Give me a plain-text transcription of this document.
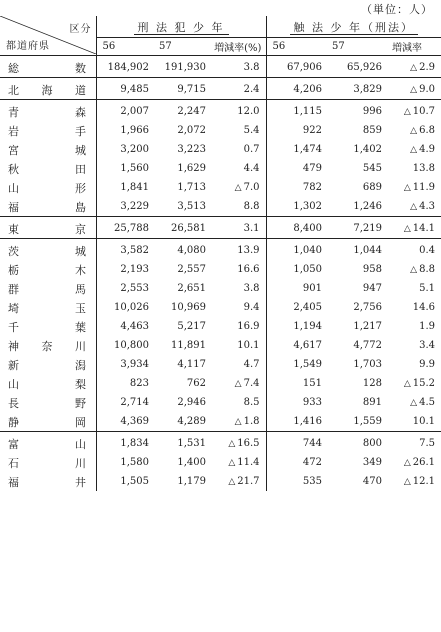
（単位：人）
区分
都道府県	刑 法 犯 少 年			触 法 少 年（刑法）		
	56	57	増減率(%)	56	57	増減率
総数	184,902	191,930	3.8	67,906	65,926	△ 2.9
北海道	9,485	9,715	2.4	4,206	3,829	△ 9.0
青森	2,007	2,247	12.0	1,115	996	△ 10.7
岩手	1,966	2,072	5.4	922	859	△ 6.8
宮城	3,200	3,223	0.7	1,474	1,402	△ 4.9
秋田	1,560	1,629	4.4	479	545	13.8
山形	1,841	1,713	△ 7.0	782	689	△ 11.9
福島	3,229	3,513	8.8	1,302	1,246	△ 4.3
東京	25,788	26,581	3.1	8,400	7,219	△ 14.1
茨城	3,582	4,080	13.9	1,040	1,044	0.4
栃木	2,193	2,557	16.6	1,050	958	△ 8.8
群馬	2,553	2,651	3.8	901	947	5.1
埼玉	10,026	10,969	9.4	2,405	2,756	14.6
千葉	4,463	5,217	16.9	1,194	1,217	1.9
神奈川	10,800	11,891	10.1	4,617	4,772	3.4
新潟	3,934	4,117	4.7	1,549	1,703	9.9
山梨	823	762	△ 7.4	151	128	△ 15.2
長野	2,714	2,946	8.5	933	891	△ 4.5
静岡	4,369	4,289	△ 1.8	1,416	1,559	10.1
富山	1,834	1,531	△ 16.5	744	800	7.5
石川	1,580	1,400	△ 11.4	472	349	△ 26.1
福井	1,505	1,179	△ 21.7	535	470	△ 12.1
